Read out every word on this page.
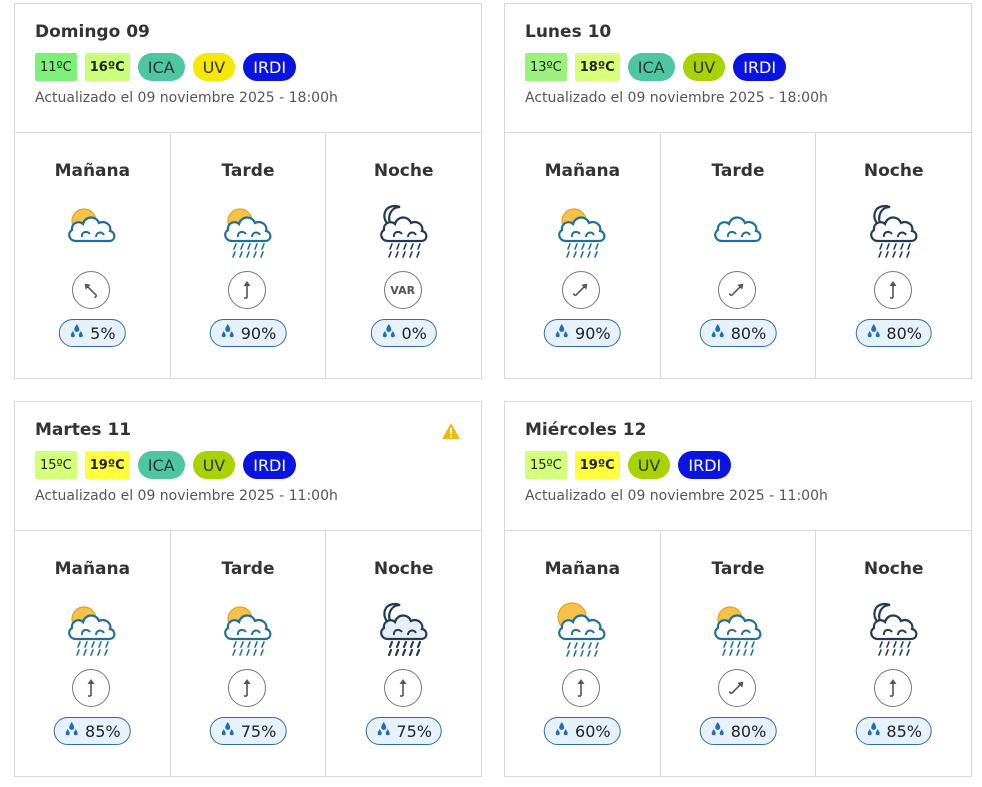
Domingo 09
11ºC	16ºC	ICA	UV	IRDI
Actualizado el 09 noviembre 2025 - 18:00h
Mañana
5%
Tarde
90%
Noche
VAR
0%
Lunes 10
13ºC	18ºC	ICA	UV	IRDI
Actualizado el 09 noviembre 2025 - 18:00h
Mañana
90%
Tarde
80%
Noche
80%
Martes 11
15ºC	19ºC	ICA	UV	IRDI
Actualizado el 09 noviembre 2025 - 11:00h
Mañana
85%
Tarde
75%
Noche
75%
Miércoles 12
15ºC	19ºC	UV	IRDI
Actualizado el 09 noviembre 2025 - 11:00h
Mañana
60%
Tarde
80%
Noche
85%
